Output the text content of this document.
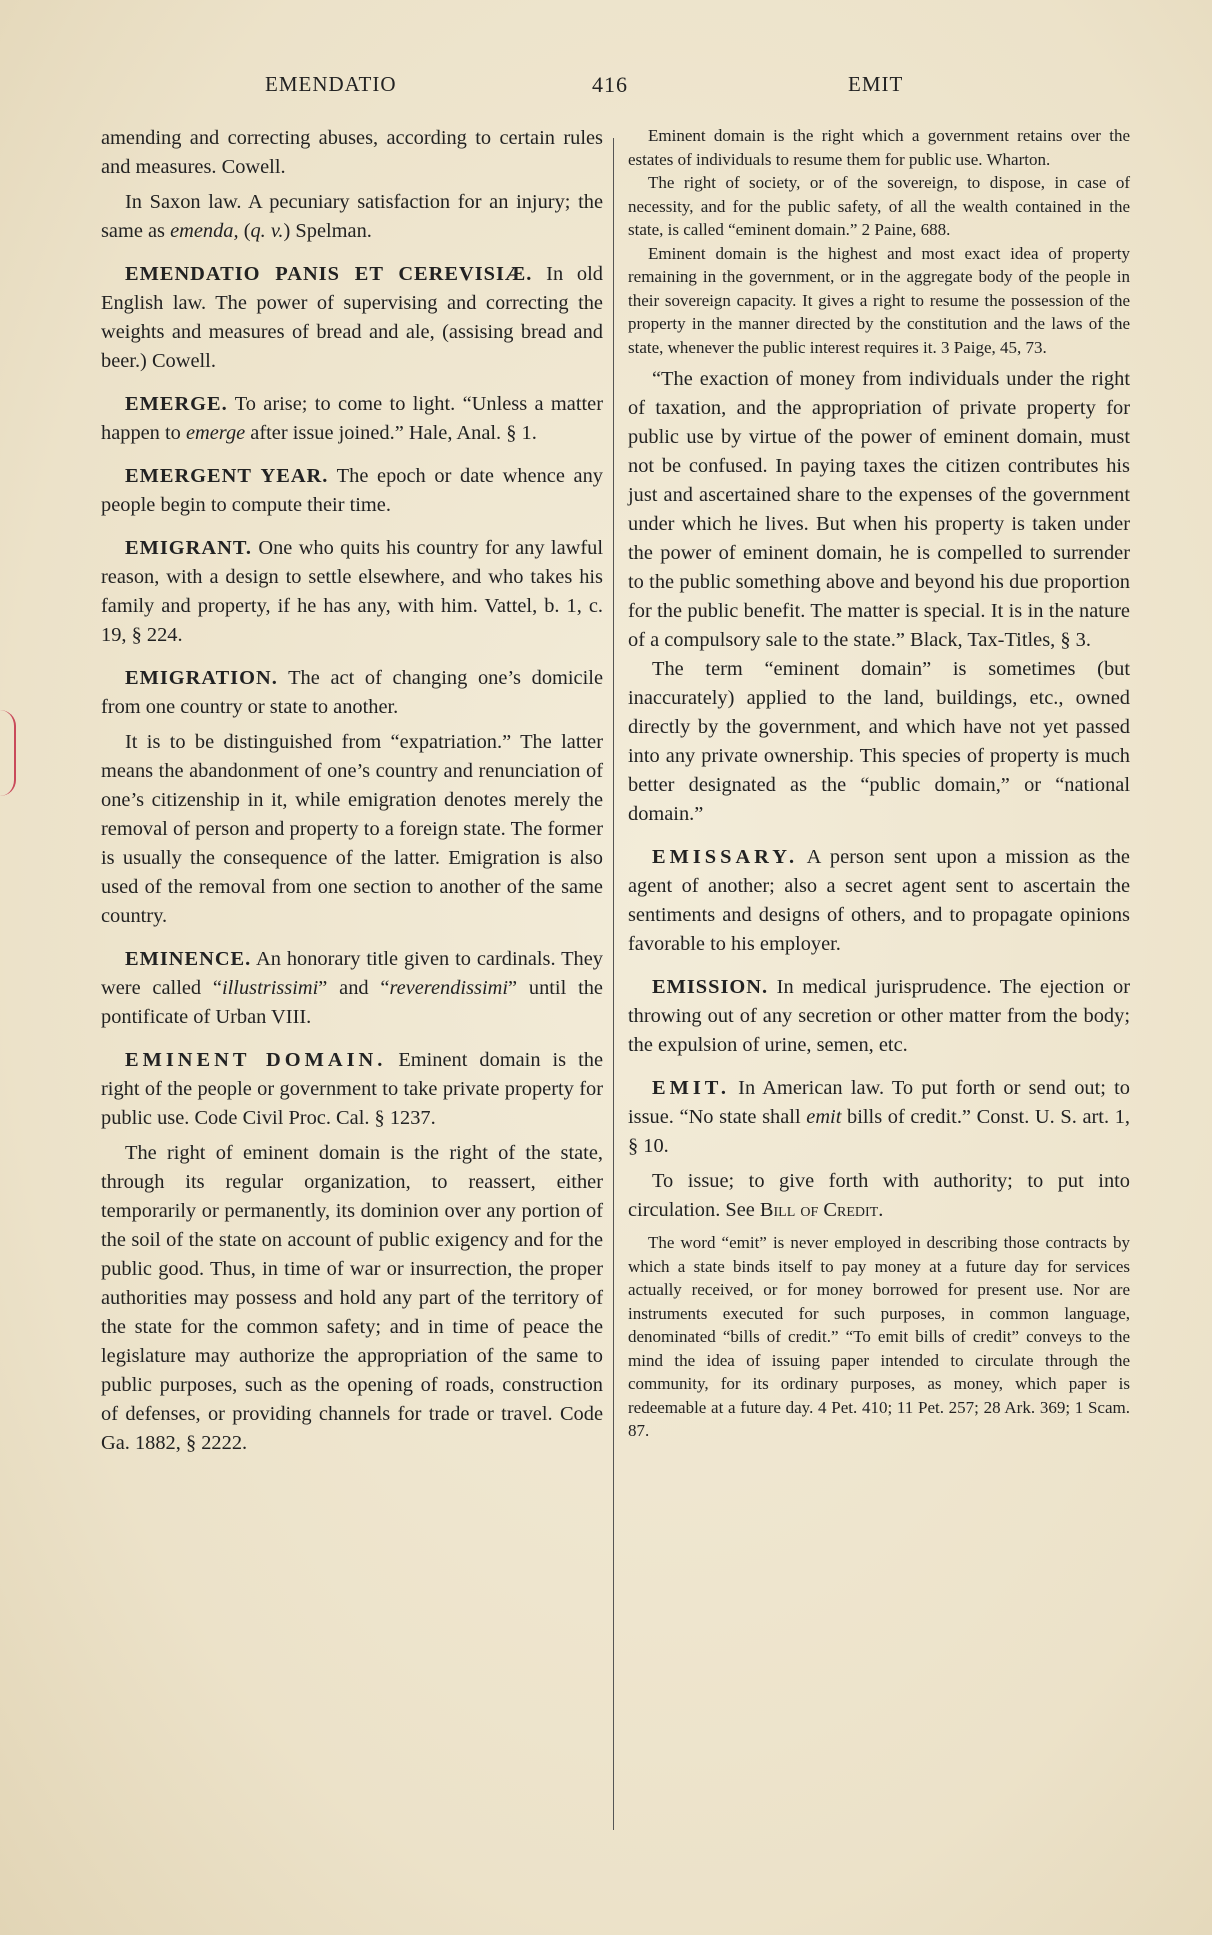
EMENDATIO	416	EMIT

amending and correcting abuses, according to certain rules and measures. Cowell.

In Saxon law. A pecuniary satisfaction for an injury; the same as emenda, (q. v.) Spelman.

EMENDATIO PANIS ET CEREVISIÆ. In old English law. The power of supervising and correcting the weights and measures of bread and ale, (assising bread and beer.) Cowell.

EMERGE. To arise; to come to light. “Unless a matter happen to emerge after issue joined.” Hale, Anal. § 1.

EMERGENT YEAR. The epoch or date whence any people begin to compute their time.

EMIGRANT. One who quits his country for any lawful reason, with a design to settle elsewhere, and who takes his family and property, if he has any, with him. Vattel, b. 1, c. 19, § 224.

EMIGRATION. The act of changing one’s domicile from one country or state to another.

It is to be distinguished from “expatriation.” The latter means the abandonment of one’s country and renunciation of one’s citizenship in it, while emigration denotes merely the removal of person and property to a foreign state. The former is usually the consequence of the latter. Emigration is also used of the removal from one section to another of the same country.

EMINENCE. An honorary title given to cardinals. They were called “illustrissimi” and “reverendissimi” until the pontificate of Urban VIII.

EMINENT DOMAIN. Eminent domain is the right of the people or government to take private property for public use. Code Civil Proc. Cal. § 1237.

The right of eminent domain is the right of the state, through its regular organization, to reassert, either temporarily or permanently, its dominion over any portion of the soil of the state on account of public exigency and for the public good. Thus, in time of war or insurrection, the proper authorities may possess and hold any part of the territory of the state for the common safety; and in time of peace the legislature may authorize the appropriation of the same to public purposes, such as the opening of roads, construction of defenses, or providing channels for trade or travel. Code Ga. 1882, § 2222.

Eminent domain is the right which a government retains over the estates of individuals to resume them for public use. Wharton.

The right of society, or of the sovereign, to dispose, in case of necessity, and for the public safety, of all the wealth contained in the state, is called “eminent domain.” 2 Paine, 688.

Eminent domain is the highest and most exact idea of property remaining in the government, or in the aggregate body of the people in their sovereign capacity. It gives a right to resume the possession of the property in the manner directed by the constitution and the laws of the state, whenever the public interest requires it. 3 Paige, 45, 73.

“The exaction of money from individuals under the right of taxation, and the appropriation of private property for public use by virtue of the power of eminent domain, must not be confused. In paying taxes the citizen contributes his just and ascertained share to the expenses of the government under which he lives. But when his property is taken under the power of eminent domain, he is compelled to surrender to the public something above and beyond his due proportion for the public benefit. The matter is special. It is in the nature of a compulsory sale to the state.” Black, Tax-Titles, § 3.

The term “eminent domain” is sometimes (but inaccurately) applied to the land, buildings, etc., owned directly by the government, and which have not yet passed into any private ownership. This species of property is much better designated as the “public domain,” or “national domain.”

EMISSARY. A person sent upon a mission as the agent of another; also a secret agent sent to ascertain the sentiments and designs of others, and to propagate opinions favorable to his employer.

EMISSION. In medical jurisprudence. The ejection or throwing out of any secretion or other matter from the body; the expulsion of urine, semen, etc.

EMIT. In American law. To put forth or send out; to issue. “No state shall emit bills of credit.” Const. U. S. art. 1, § 10.

To issue; to give forth with authority; to put into circulation. See Bill of Credit.

The word “emit” is never employed in describing those contracts by which a state binds itself to pay money at a future day for services actually received, or for money borrowed for present use. Nor are instruments executed for such purposes, in common language, denominated “bills of credit.” “To emit bills of credit” conveys to the mind the idea of issuing paper intended to circulate through the community, for its ordinary purposes, as money, which paper is redeemable at a future day. 4 Pet. 410; 11 Pet. 257; 28 Ark. 369; 1 Scam. 87.
